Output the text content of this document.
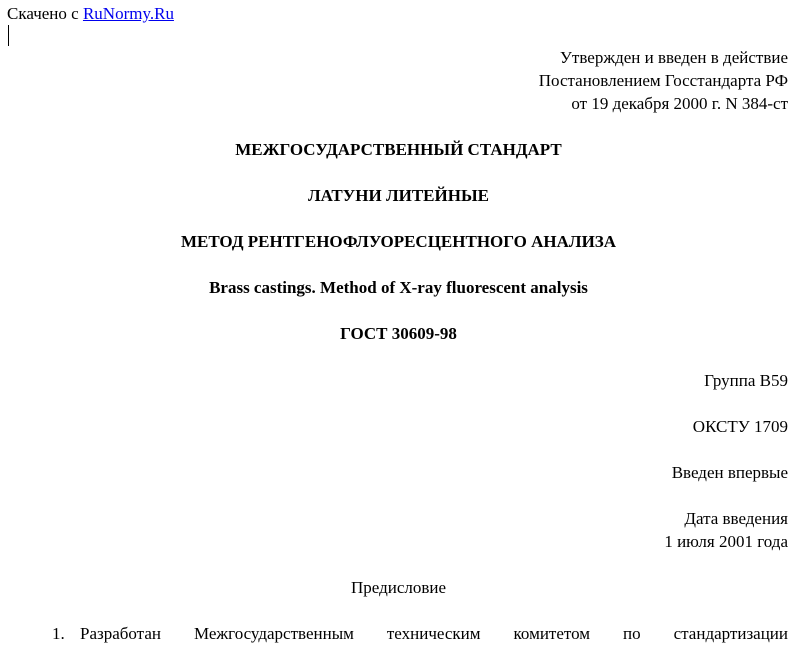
Скачено с RuNormy.Ru
Утвержден и введен в действие
Постановлением Госстандарта РФ
от 19 декабря 2000 г. N 384-ст
МЕЖГОСУДАРСТВЕННЫЙ СТАНДАРТ
ЛАТУНИ ЛИТЕЙНЫЕ
МЕТОД РЕНТГЕНОФЛУОРЕСЦЕНТНОГО АНАЛИЗА
Brass castings. Method of X-ray fluorescent analysis
ГОСТ 30609-98
Группа В59
ОКСТУ 1709
Введен впервые
Дата введения
1 июля 2001 года
Предисловие
1. Разработан Межгосударственным техническим комитетом по стандартизации
